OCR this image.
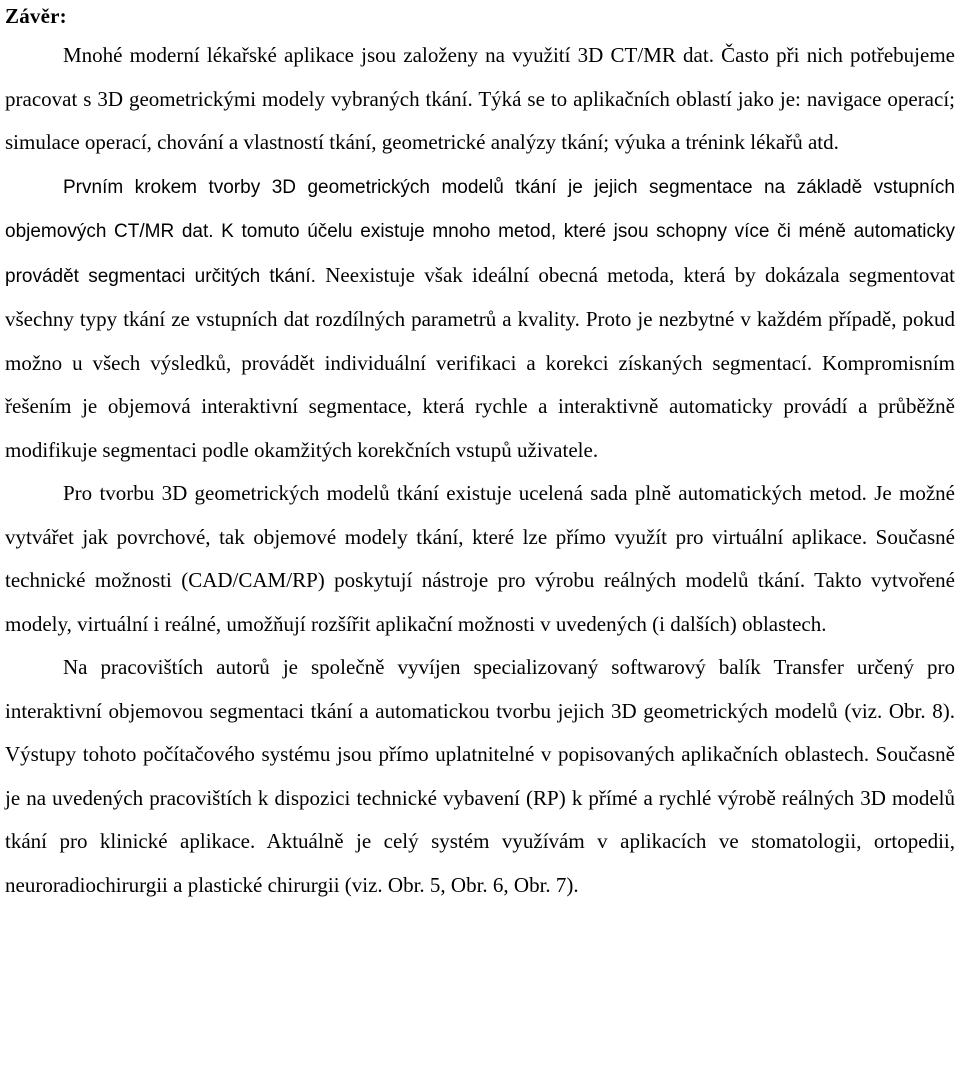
Závěr:

Mnohé moderní lékařské aplikace jsou založeny na využití 3D CT/MR dat. Často při nich potřebujeme pracovat s 3D geometrickými modely vybraných tkání. Týká se to aplikačních oblastí jako je: navigace operací; simulace operací, chování a vlastností tkání, geometrické analýzy tkání; výuka a trénink lékařů atd.

Prvním krokem tvorby 3D geometrických modelů tkání je jejich segmentace na základě vstupních objemových CT/MR dat. K tomuto účelu existuje mnoho metod, které jsou schopny více či méně automaticky provádět segmentaci určitých tkání. Neexistuje však ideální obecná metoda, která by dokázala segmentovat všechny typy tkání ze vstupních dat rozdílných parametrů a kvality. Proto je nezbytné v každém případě, pokud možno u všech výsledků, provádět individuální verifikaci a korekci získaných segmentací. Kompromisním řešením je objemová interaktivní segmentace, která rychle a interaktivně automaticky provádí a průběžně modifikuje segmentaci podle okamžitých korekčních vstupů uživatele.

Pro tvorbu 3D geometrických modelů tkání existuje ucelená sada plně automatických metod. Je možné vytvářet jak povrchové, tak objemové modely tkání, které lze přímo využít pro virtuální aplikace. Současné technické možnosti (CAD/CAM/RP) poskytují nástroje pro výrobu reálných modelů tkání. Takto vytvořené modely, virtuální i reálné, umožňují rozšířit aplikační možnosti v uvedených (i dalších) oblastech.

Na pracovištích autorů je společně vyvíjen specializovaný softwarový balík Transfer určený pro interaktivní objemovou segmentaci tkání a automatickou tvorbu jejich 3D geometrických modelů (viz. Obr. 8). Výstupy tohoto počítačového systému jsou přímo uplatnitelné v popisovaných aplikačních oblastech. Současně je na uvedených pracovištích k dispozici technické vybavení (RP) k přímé a rychlé výrobě reálných 3D modelů tkání pro klinické aplikace. Aktuálně je celý systém využívám v aplikacích ve stomatologii, ortopedii, neuroradiochirurgii a plastické chirurgii (viz. Obr. 5, Obr. 6, Obr. 7).
